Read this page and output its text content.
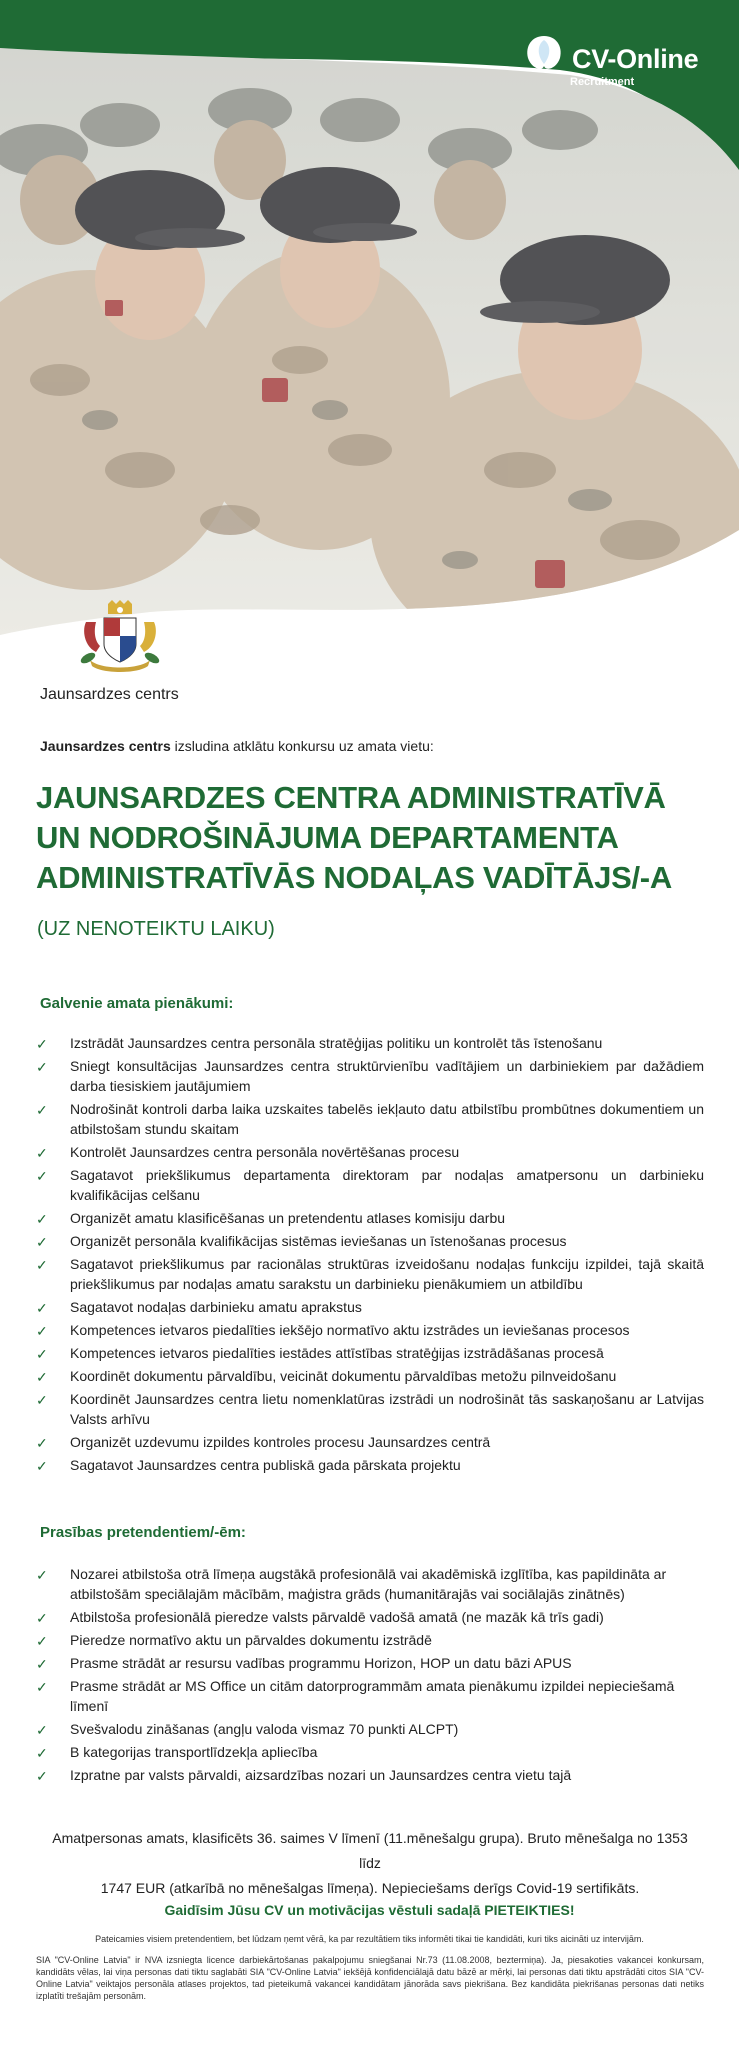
CV-Online
Recruitment
Jaunsardzes centrs
Jaunsardzes centrs izsludina atklātu konkursu uz amata vietu:
JAUNSARDZES CENTRA ADMINISTRATĪVĀ
UN NODROŠINĀJUMA DEPARTAMENTA
ADMINISTRATĪVĀS NODAĻAS VADĪTĀJS/-A
(UZ NENOTEIKTU LAIKU)
Galvenie amata pienākumi:
✓ Izstrādāt Jaunsardzes centra personāla stratēģijas politiku un kontrolēt tās īstenošanu
✓ Sniegt konsultācijas Jaunsardzes centra struktūrvienību vadītājiem un darbiniekiem par dažādiem darba tiesiskiem jautājumiem
✓ Nodrošināt kontroli darba laika uzskaites tabelēs iekļauto datu atbilstību prombūtnes dokumentiem un atbilstošam stundu skaitam
✓ Kontrolēt Jaunsardzes centra personāla novērtēšanas procesu
✓ Sagatavot priekšlikumus departamenta direktoram par nodaļas amatpersonu un darbinieku kvalifikācijas celšanu
✓ Organizēt amatu klasificēšanas un pretendentu atlases komisiju darbu
✓ Organizēt personāla kvalifikācijas sistēmas ieviešanas un īstenošanas procesus
✓ Sagatavot priekšlikumus par racionālas struktūras izveidošanu nodaļas funkciju izpildei, tajā skaitā priekšlikumus par nodaļas amatu sarakstu un darbinieku pienākumiem un atbildību
✓ Sagatavot nodaļas darbinieku amatu aprakstus
✓ Kompetences ietvaros piedalīties iekšējo normatīvo aktu izstrādes un ieviešanas procesos
✓ Kompetences ietvaros piedalīties iestādes attīstības stratēģijas izstrādāšanas procesā
✓ Koordinēt dokumentu pārvaldību, veicināt dokumentu pārvaldības metožu pilnveidošanu
✓ Koordinēt Jaunsardzes centra lietu nomenklatūras izstrādi un nodrošināt tās saskaņošanu ar Latvijas Valsts arhīvu
✓ Organizēt uzdevumu izpildes kontroles procesu Jaunsardzes centrā
✓ Sagatavot Jaunsardzes centra publiskā gada pārskata projektu
Prasības pretendentiem/-ēm:
✓ Nozarei atbilstoša otrā līmeņa augstākā profesionālā vai akadēmiskā izglītība, kas papildināta ar atbilstošām speciālajām mācībām, maģistra grāds (humanitārajās vai sociālajās zinātnēs)
✓ Atbilstoša profesionālā pieredze valsts pārvaldē vadošā amatā (ne mazāk kā trīs gadi)
✓ Pieredze normatīvo aktu un pārvaldes dokumentu izstrādē
✓ Prasme strādāt ar resursu vadības programmu Horizon, HOP un datu bāzi APUS
✓ Prasme strādāt ar MS Office un citām datorprogrammām amata pienākumu izpildei nepieciešamā līmenī
✓ Svešvalodu zināšanas (angļu valoda vismaz 70 punkti ALCPT)
✓ B kategorijas transportlīdzekļa apliecība
✓ Izpratne par valsts pārvaldi, aizsardzības nozari un Jaunsardzes centra vietu tajā
Amatpersonas amats, klasificēts 36. saimes V līmenī (11.mēnešalgu grupa). Bruto mēnešalga no 1353 līdz
1747 EUR (atkarībā no mēnešalgas līmeņa). Nepieciešams derīgs Covid-19 sertifikāts.
Gaidīsim Jūsu CV un motivācijas vēstuli sadaļā PIETEIKTIES!
Pateicamies visiem pretendentiem, bet lūdzam ņemt vērā, ka par rezultātiem tiks informēti tikai tie kandidāti, kuri tiks aicināti uz intervijām.
SIA "CV-Online Latvia" ir NVA izsniegta licence darbiekārtošanas pakalpojumu sniegšanai Nr.73 (11.08.2008, beztermiņa). Ja, piesakoties vakancei konkursam, kandidāts vēlas, lai viņa personas dati tiktu saglabāti SIA "CV-Online Latvia" iekšējā konfidenciālajā datu bāzē ar mērķi, lai personas dati tiktu apstrādāti citos SIA "CV-Online Latvia" veiktajos personāla atlases projektos, tad pieteikumā vakancei kandidātam jānorāda savs piekrišana. Bez kandidāta piekrišanas personas dati netiks izplatīti trešajām personām.
